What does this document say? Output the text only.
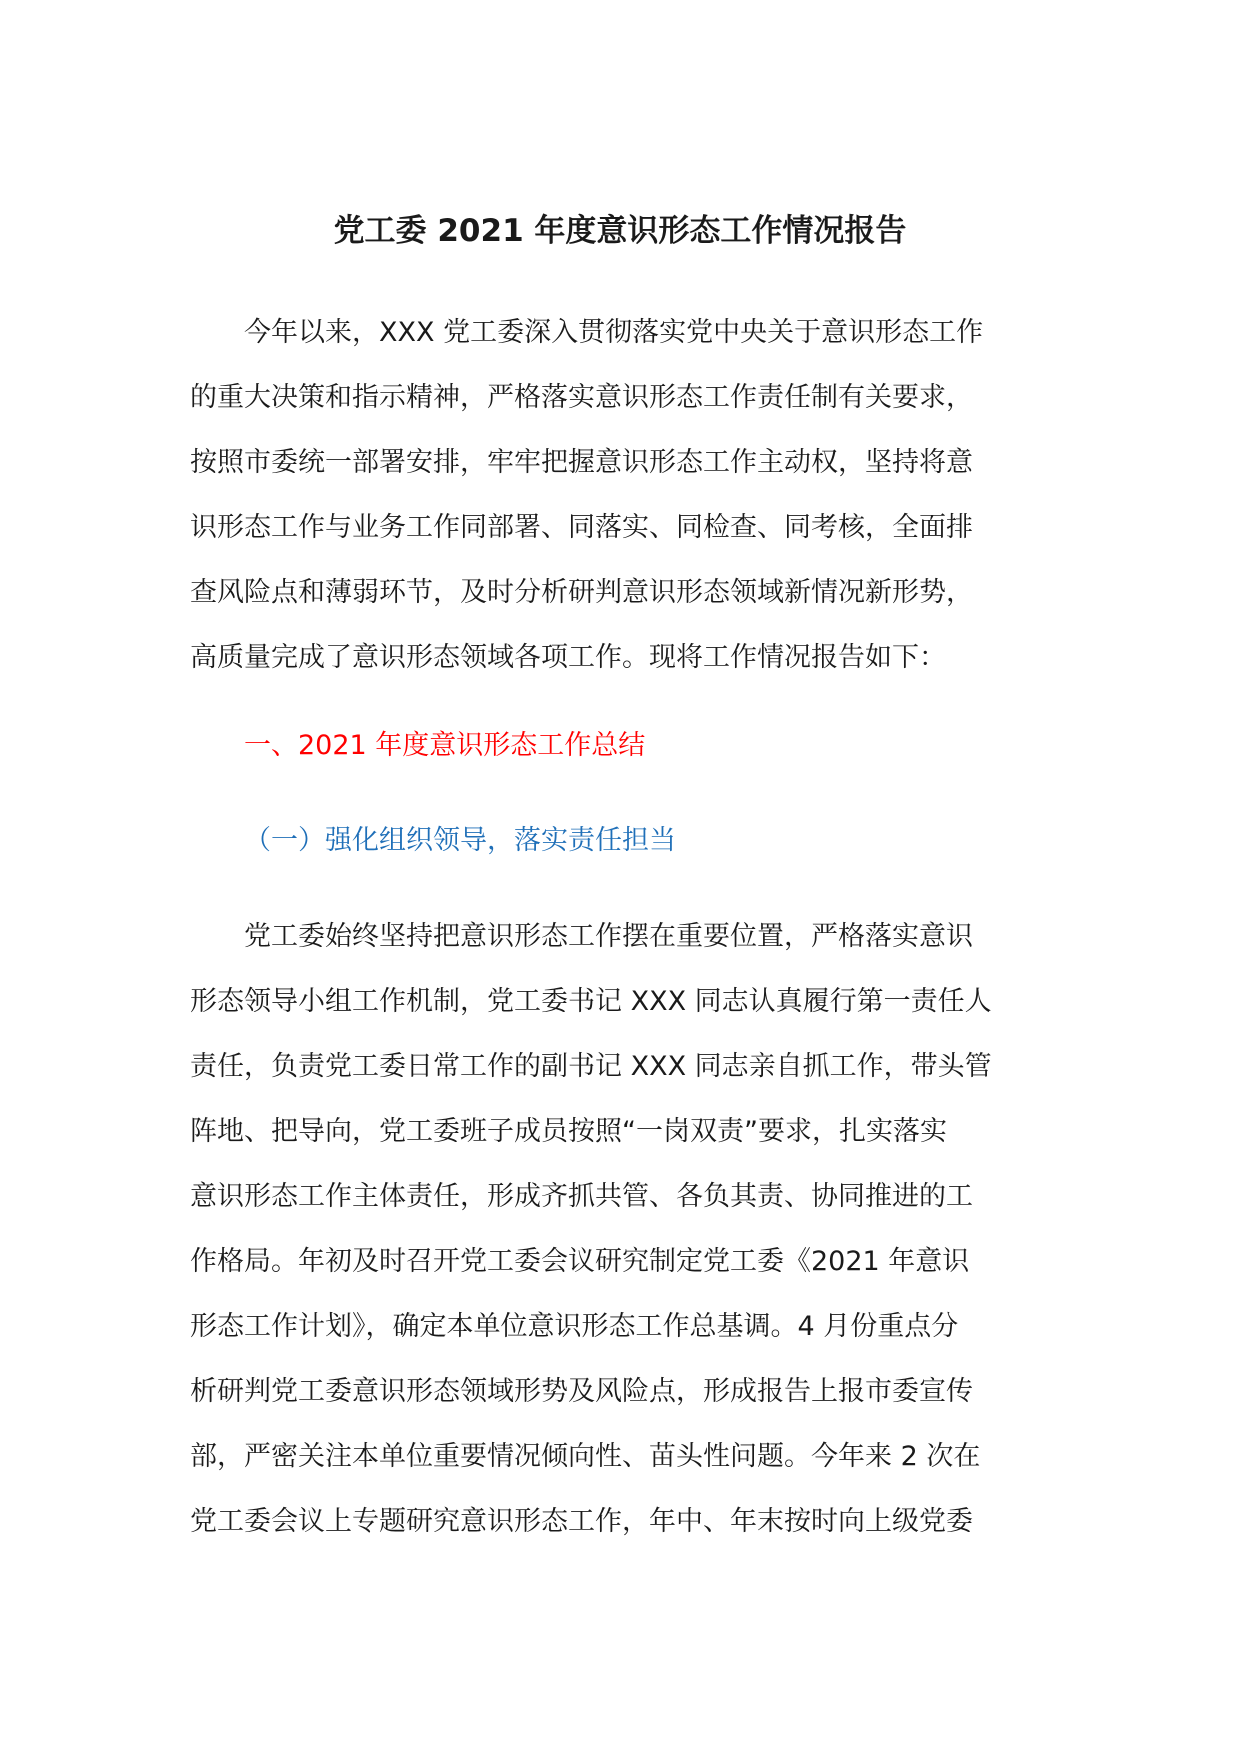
党工委 2021 年度意识形态工作情况报告
今年以来，XXX 党工委深入贯彻落实党中央关于意识形态工作
的重大决策和指示精神，严格落实意识形态工作责任制有关要求，
按照市委统一部署安排，牢牢把握意识形态工作主动权，坚持将意
识形态工作与业务工作同部署、同落实、同检查、同考核，全面排
查风险点和薄弱环节，及时分析研判意识形态领域新情况新形势，
高质量完成了意识形态领域各项工作。现将工作情况报告如下：
一、2021 年度意识形态工作总结
（一）强化组织领导，落实责任担当
党工委始终坚持把意识形态工作摆在重要位置，严格落实意识
形态领导小组工作机制，党工委书记 XXX 同志认真履行第一责任人
责任，负责党工委日常工作的副书记 XXX 同志亲自抓工作，带头管
阵地、把导向，党工委班子成员按照“一岗双责”要求，扎实落实
意识形态工作主体责任，形成齐抓共管、各负其责、协同推进的工
作格局。年初及时召开党工委会议研究制定党工委《2021 年意识
形态工作计划》，确定本单位意识形态工作总基调。4 月份重点分
析研判党工委意识形态领域形势及风险点，形成报告上报市委宣传
部，严密关注本单位重要情况倾向性、苗头性问题。今年来 2 次在
党工委会议上专题研究意识形态工作，年中、年末按时向上级党委
